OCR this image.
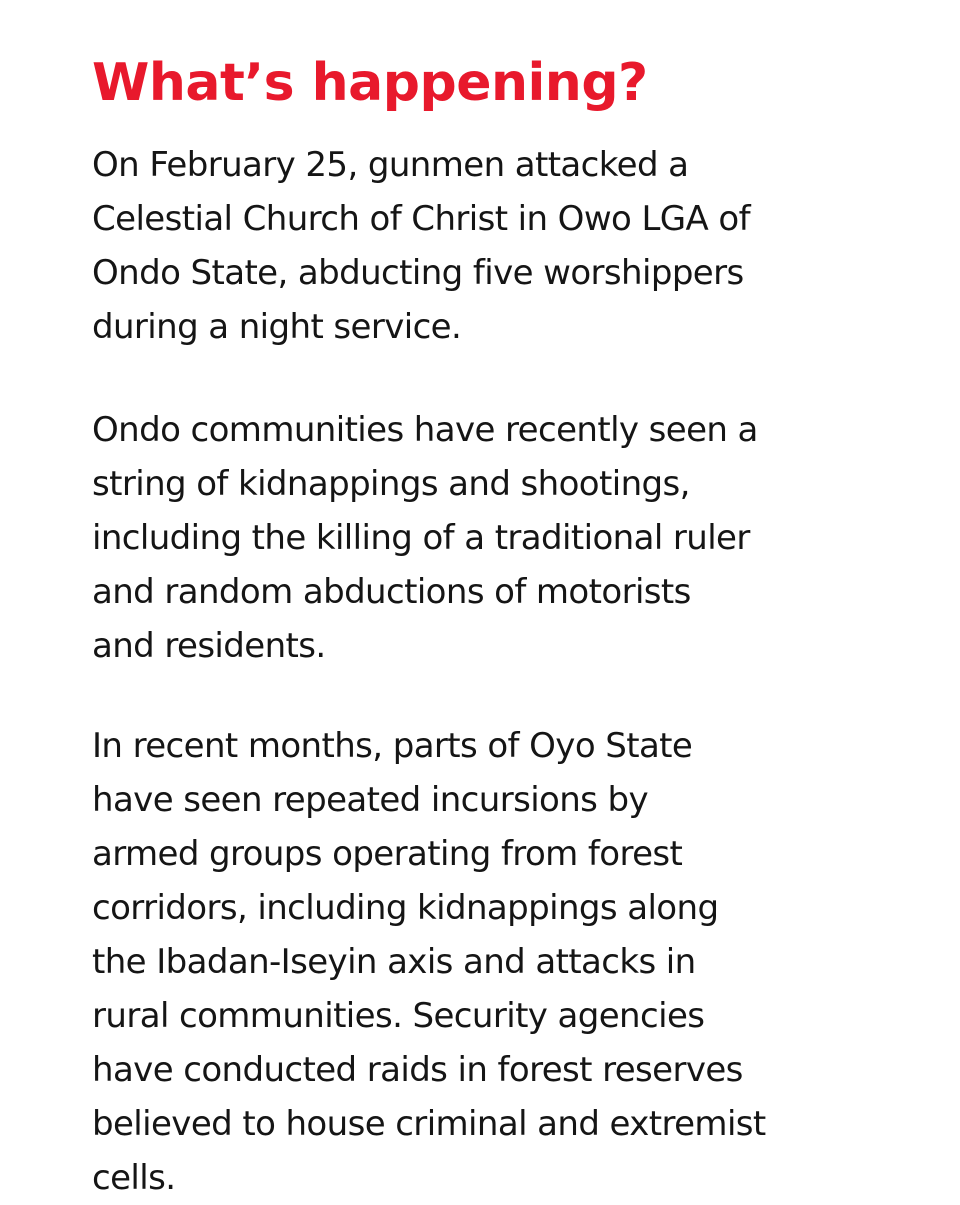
What’s happening?
On February 25, gunmen attacked a
Celestial Church of Christ in Owo LGA of
Ondo State, abducting five worshippers
during a night service.
Ondo communities have recently seen a
string of kidnappings and shootings,
including the killing of a traditional ruler
and random abductions of motorists
and residents.
In recent months, parts of Oyo State
have seen repeated incursions by
armed groups operating from forest
corridors, including kidnappings along
the Ibadan-Iseyin axis and attacks in
rural communities. Security agencies
have conducted raids in forest reserves
believed to house criminal and extremist
cells.
